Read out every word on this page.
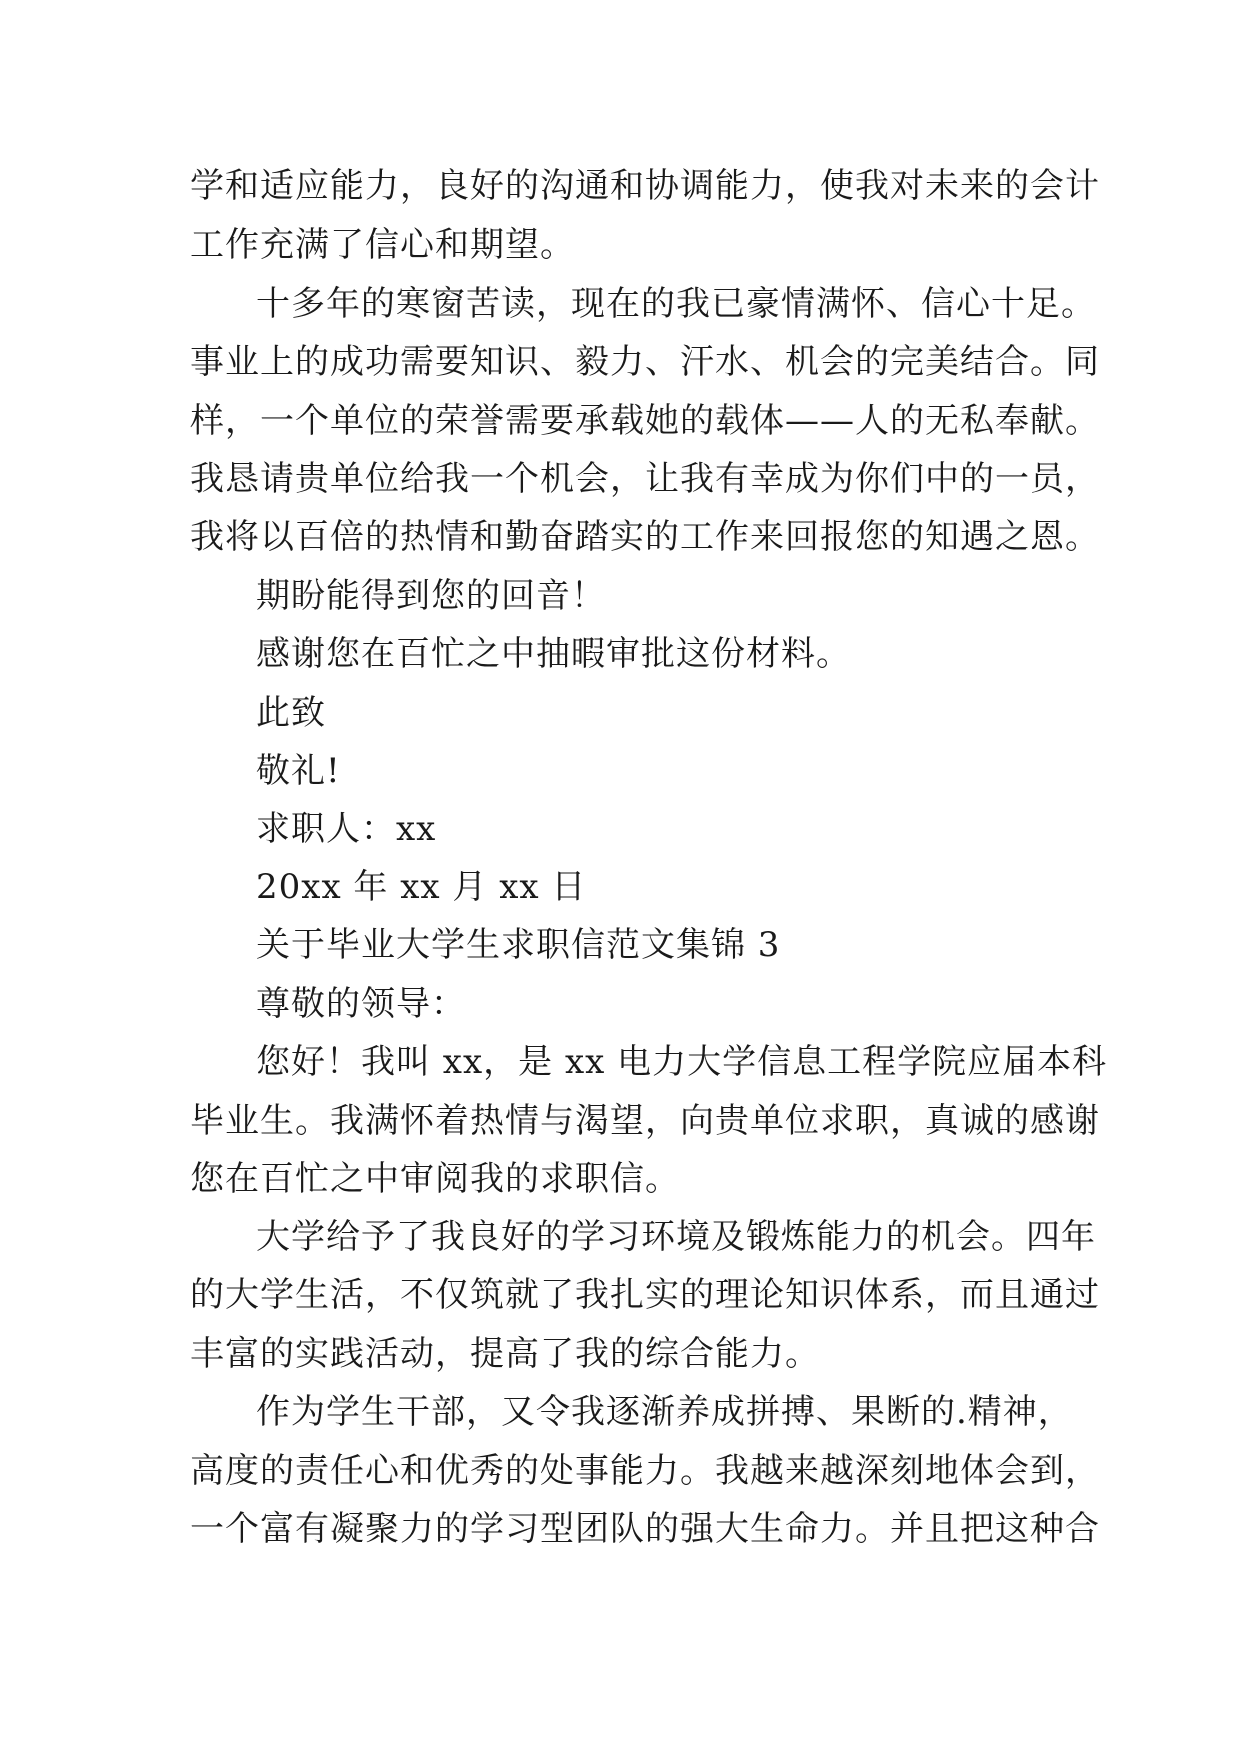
学和适应能力，良好的沟通和协调能力，使我对未来的会计
工作充满了信心和期望。
十多年的寒窗苦读，现在的我已豪情满怀、信心十足。
事业上的成功需要知识、毅力、汗水、机会的完美结合。同
样，一个单位的荣誉需要承载她的载体——人的无私奉献。
我恳请贵单位给我一个机会，让我有幸成为你们中的一员，
我将以百倍的热情和勤奋踏实的工作来回报您的知遇之恩。
期盼能得到您的回音！
感谢您在百忙之中抽暇审批这份材料。
此致
敬礼!
求职人：xx
20xx 年 xx 月 xx 日
关于毕业大学生求职信范文集锦 3
尊敬的领导：
您好！我叫 xx，是 xx 电力大学信息工程学院应届本科
毕业生。我满怀着热情与渴望，向贵单位求职，真诚的感谢
您在百忙之中审阅我的求职信。
大学给予了我良好的学习环境及锻炼能力的机会。四年
的大学生活，不仅筑就了我扎实的理论知识体系，而且通过
丰富的实践活动，提高了我的综合能力。
作为学生干部，又令我逐渐养成拼搏、果断的.精神，
高度的责任心和优秀的处事能力。我越来越深刻地体会到，
一个富有凝聚力的学习型团队的强大生命力。并且把这种合
